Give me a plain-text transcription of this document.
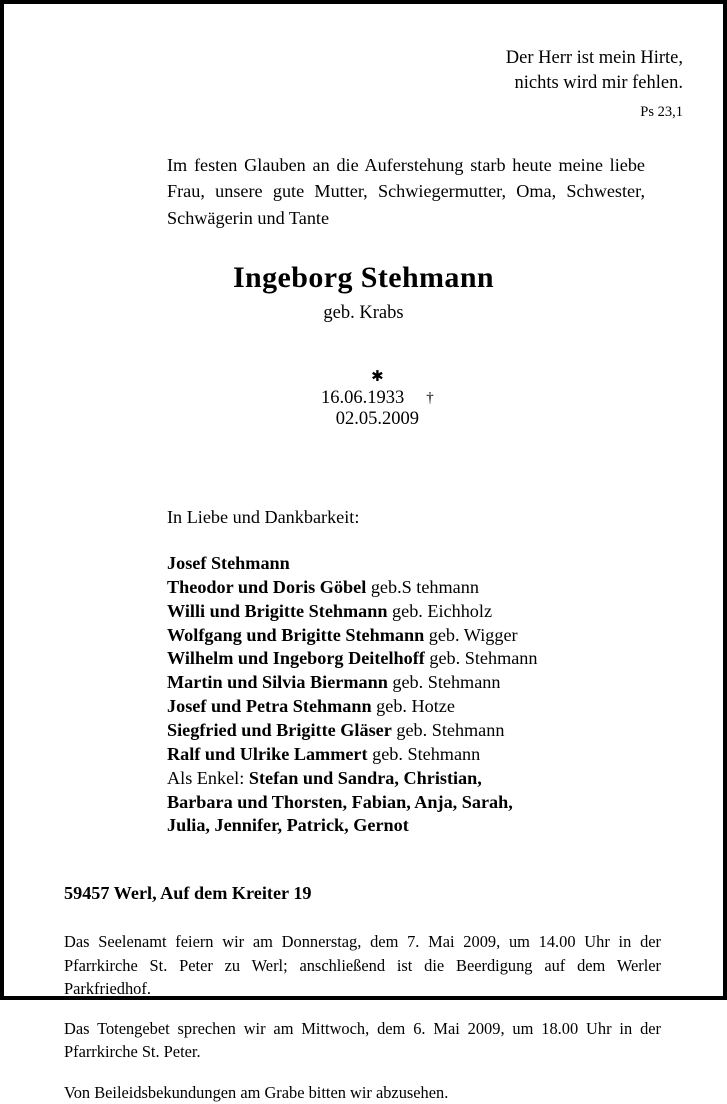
Der Herr ist mein Hirte,
nichts wird mir fehlen.
Ps 23,1
Im festen Glauben an die Auferstehung starb heute meine liebe Frau, unsere gute Mutter, Schwiegermutter, Oma, Schwester, Schwägerin und Tante
Ingeborg Stehmann
geb. Krabs

✱
16.06.1933 †
02.05.2009

In Liebe und Dankbarkeit:
Josef Stehmann
Theodor und Doris Göbel geb.S tehmann
Willi und Brigitte Stehmann geb. Eichholz
Wolfgang und Brigitte Stehmann geb. Wigger
Wilhelm und Ingeborg Deitelhoff geb. Stehmann
Martin und Silvia Biermann geb. Stehmann
Josef und Petra Stehmann geb. Hotze
Siegfried und Brigitte Gläser geb. Stehmann
Ralf und Ulrike Lammert geb. Stehmann
Als Enkel: Stefan und Sandra, Christian,
Barbara und Thorsten, Fabian, Anja, Sarah,
Julia, Jennifer, Patrick, Gernot
59457 Werl, Auf dem Kreiter 19

Das Seelenamt feiern wir am Donnerstag, dem 7. Mai 2009, um 14.00 Uhr in der Pfarrkirche St. Peter zu Werl; anschließend ist die Beerdigung auf dem Werler Parkfriedhof.

Das Totengebet sprechen wir am Mittwoch, dem 6. Mai 2009, um 18.00 Uhr in der Pfarrkirche St. Peter.

Von Beileidsbekundungen am Grabe bitten wir abzusehen.
